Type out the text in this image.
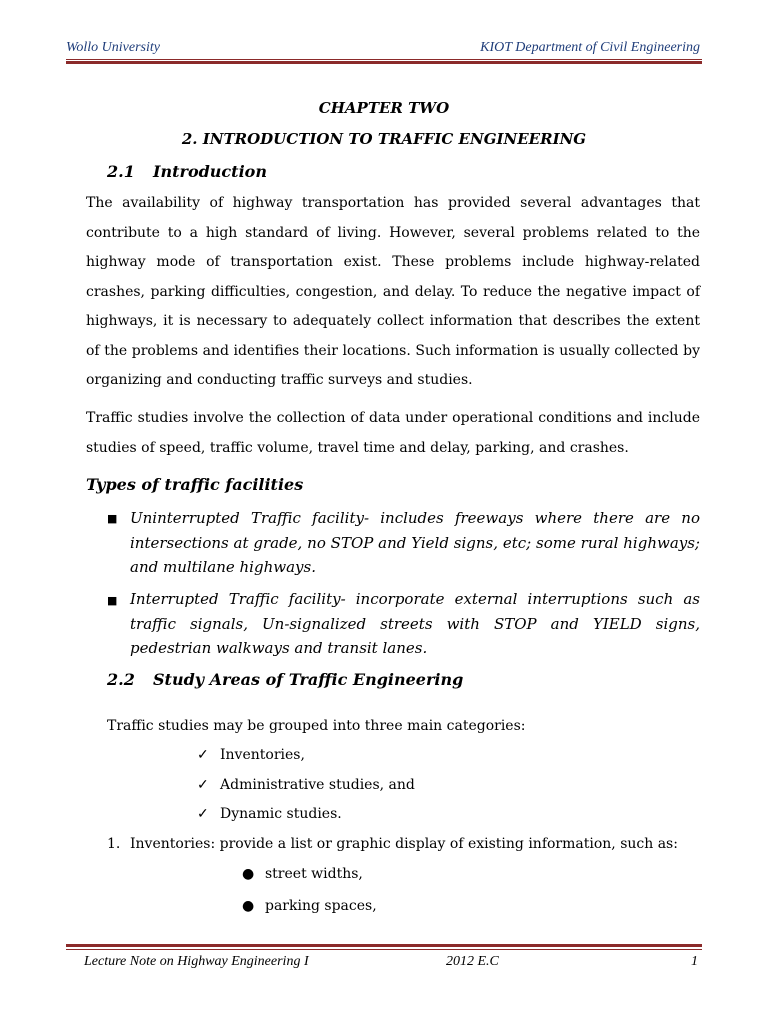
Wollo University	KIOT Department of Civil Engineering
CHAPTER TWO
2. INTRODUCTION TO TRAFFIC ENGINEERING
2.1 Introduction
The availability of highway transportation has provided several advantages that contribute to a high standard of living. However, several problems related to the highway mode of transportation exist. These problems include highway-related crashes, parking difficulties, congestion, and delay. To reduce the negative impact of highways, it is necessary to adequately collect information that describes the extent of the problems and identifies their locations. Such information is usually collected by organizing and conducting traffic surveys and studies.
Traffic studies involve the collection of data under operational conditions and include studies of speed, traffic volume, travel time and delay, parking, and crashes.
Types of traffic facilities
■ Uninterrupted Traffic facility- includes freeways where there are no intersections at grade, no STOP and Yield signs, etc; some rural highways; and multilane highways.
■ Interrupted Traffic facility- incorporate external interruptions such as traffic signals, Un-signalized streets with STOP and YIELD signs, pedestrian walkways and transit lanes.
2.2 Study Areas of Traffic Engineering
Traffic studies may be grouped into three main categories:
✓ Inventories,
✓ Administrative studies, and
✓ Dynamic studies.
1. Inventories: provide a list or graphic display of existing information, such as:
● street widths,
● parking spaces,
Lecture Note on Highway Engineering I	2012 E.C	1
